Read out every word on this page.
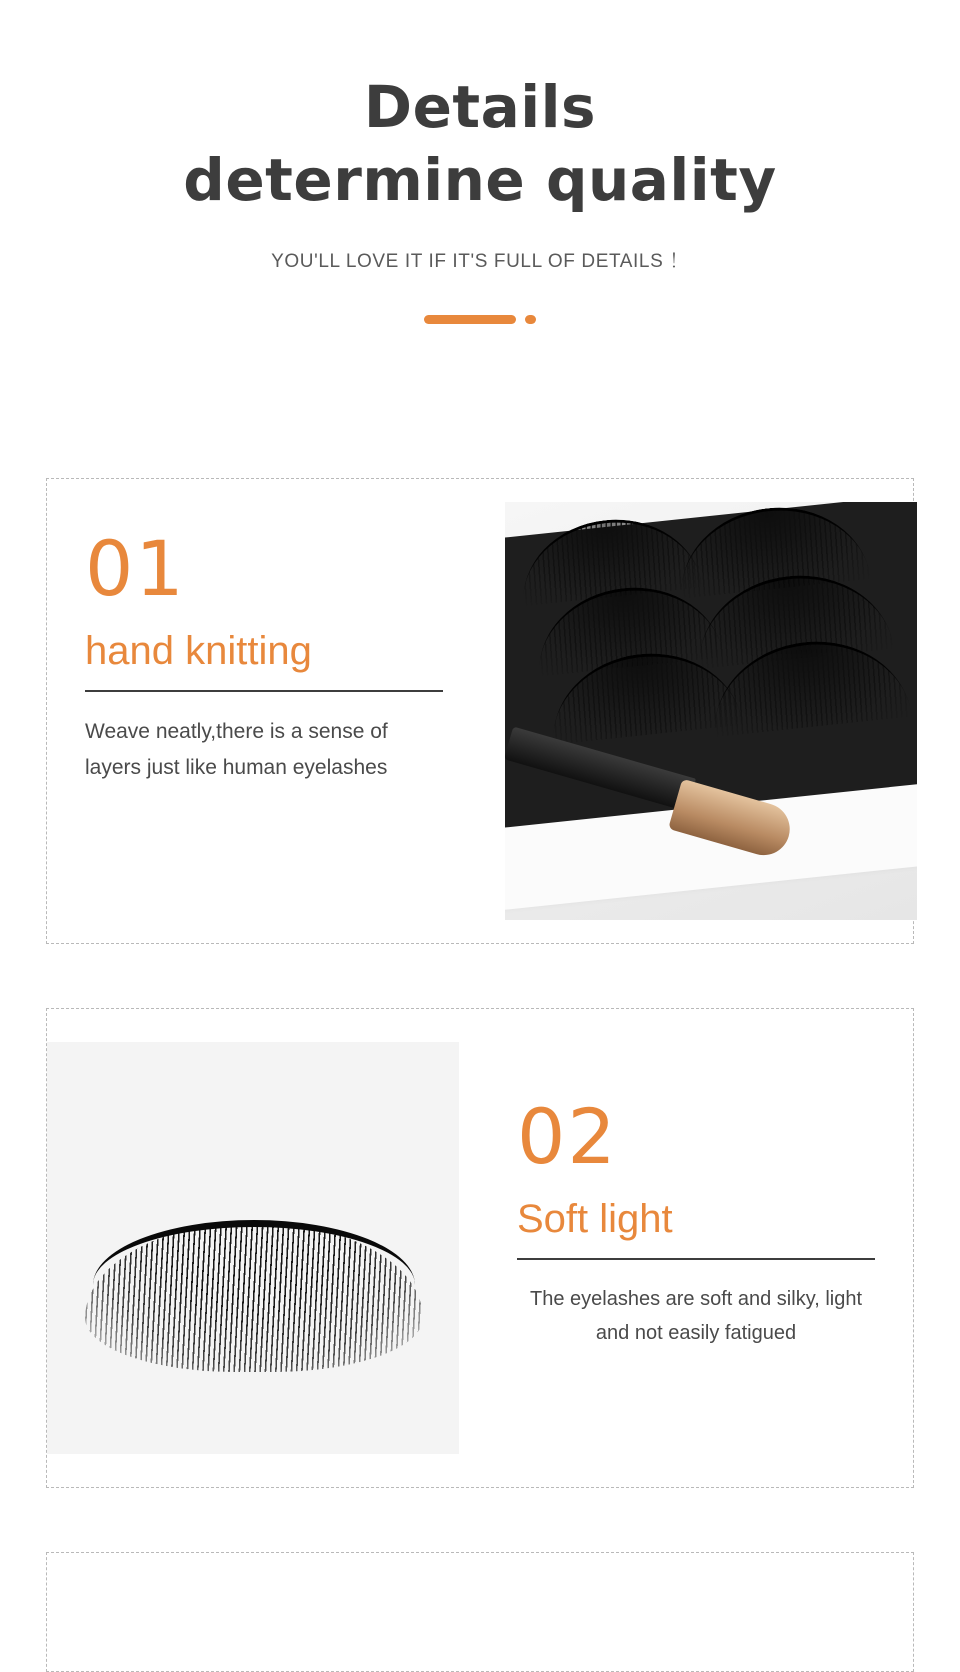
Details
determine quality
YOU'LL LOVE IT IF IT'S FULL OF DETAILS ！
01
hand knitting
Weave neatly,there is a sense of layers just like human eyelashes
02
Soft light
The eyelashes are soft and silky, light and not easily fatigued
